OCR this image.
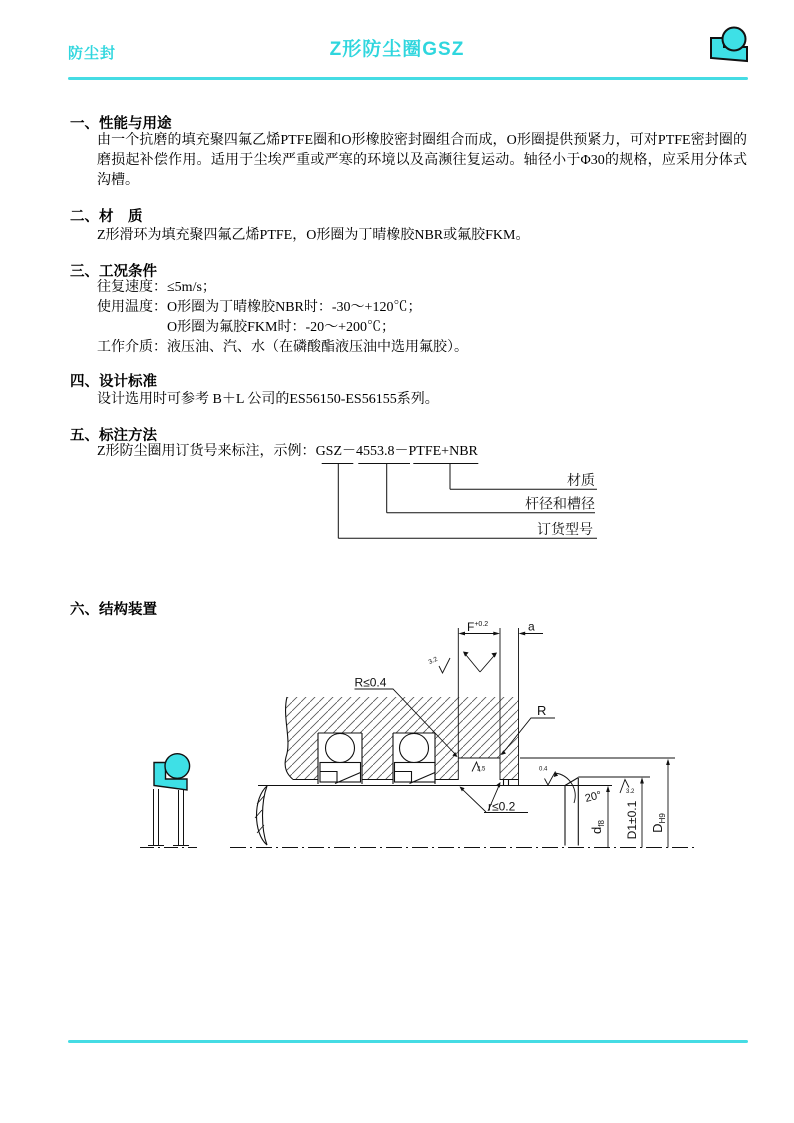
防尘封	Z形防尘圈GSZ
一、性能与用途
由一个抗磨的填充聚四氟乙烯PTFE圈和O形橡胶密封圈组合而成，O形圈提供预紧力，可对PTFE密封圈的磨损起补偿作用。适用于尘埃严重或严寒的环境以及高濒往复运动。轴径小于Φ30的规格，应采用分体式沟槽。
二、材　质
Z形滑环为填充聚四氟乙烯PTFE，O形圈为丁晴橡胶NBR或氟胶FKM。
三、工况条件
往复速度：≤5m/s；
使用温度：O形圈为丁晴橡胶NBR时：-30～+120℃；
O形圈为氟胶FKM时：-20～+200℃；
工作介质：液压油、汽、水（在磷酸酯液压油中选用氟胶）。
四、设计标准
设计选用时可参考 B＋L 公司的ES56150-ES56155系列。
五、标注方法
Z形防尘圈用订货号来标注，示例：GSZ－4553.8－PTFE+NBR
材质
杆径和槽径
订货型号
六、结构装置
$F^{+0.2}$	a
3.2
R≤0.4
R
2.5
r≤0.2
0.4
20°	3.2
$d_{f8}$ D1±0.1 $D_{H9}$
